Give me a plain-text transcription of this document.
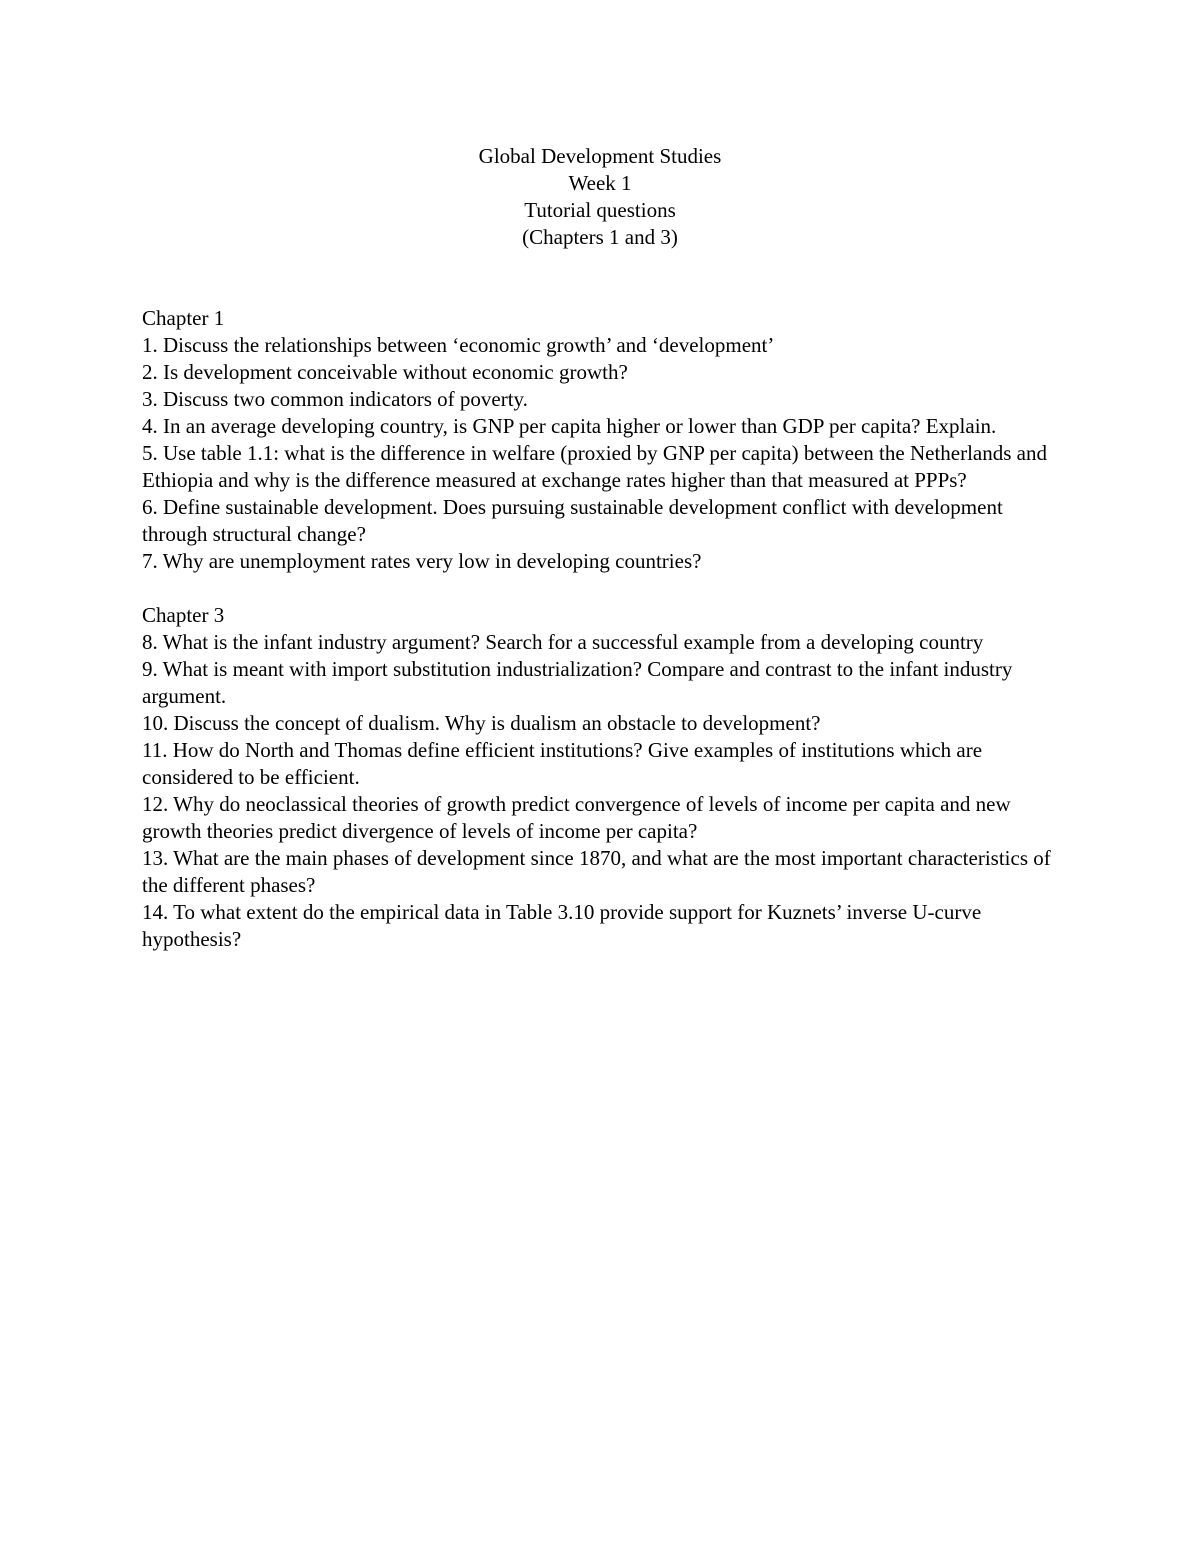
Global Development Studies
Week 1
Tutorial questions
(Chapters 1 and 3)

Chapter 1

1. Discuss the relationships between ‘economic growth’ and ‘development’

2. Is development conceivable without economic growth?

3. Discuss two common indicators of poverty.

4. In an average developing country, is GNP per capita higher or lower than GDP per capita? Explain.

5. Use table 1.1: what is the difference in welfare (proxied by GNP per capita) between the Netherlands and Ethiopia and why is the difference measured at exchange rates higher than that measured at PPPs?

6. Define sustainable development. Does pursuing sustainable development conflict with development through structural change?

7. Why are unemployment rates very low in developing countries?

Chapter 3

8. What is the infant industry argument? Search for a successful example from a developing country

9. What is meant with import substitution industrialization? Compare and contrast to the infant industry argument.

10. Discuss the concept of dualism. Why is dualism an obstacle to development?

11. How do North and Thomas define efficient institutions? Give examples of institutions which are considered to be efficient.

12. Why do neoclassical theories of growth predict convergence of levels of income per capita and new growth theories predict divergence of levels of income per capita?

13. What are the main phases of development since 1870, and what are the most important characteristics of the different phases?

14. To what extent do the empirical data in Table 3.10 provide support for Kuznets’ inverse U-curve hypothesis?
